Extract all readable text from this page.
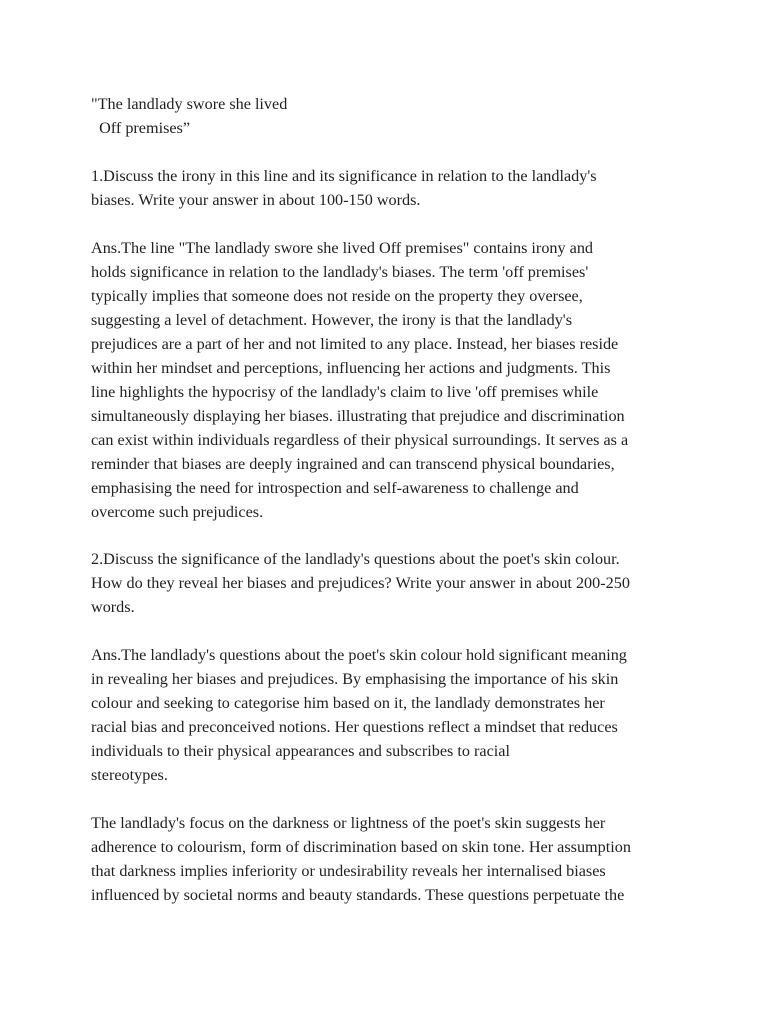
"The landlady swore she lived
Off premises”
1.Discuss the irony in this line and its significance in relation to the landlady's
biases. Write your answer in about 100-150 words.
Ans.The line "The landlady swore she lived Off premises" contains irony and
holds significance in relation to the landlady's biases. The term 'off premises'
typically implies that someone does not reside on the property they oversee,
suggesting a level of detachment. However, the irony is that the landlady's
prejudices are a part of her and not limited to any place. Instead, her biases reside
within her mindset and perceptions, influencing her actions and judgments. This
line highlights the hypocrisy of the landlady's claim to live 'off premises while
simultaneously displaying her biases. illustrating that prejudice and discrimination
can exist within individuals regardless of their physical surroundings. It serves as a
reminder that biases are deeply ingrained and can transcend physical boundaries,
emphasising the need for introspection and self-awareness to challenge and
overcome such prejudices.
2.Discuss the significance of the landlady's questions about the poet's skin colour.
How do they reveal her biases and prejudices? Write your answer in about 200-250
words.
Ans.The landlady's questions about the poet's skin colour hold significant meaning
in revealing her biases and prejudices. By emphasising the importance of his skin
colour and seeking to categorise him based on it, the landlady demonstrates her
racial bias and preconceived notions. Her questions reflect a mindset that reduces
individuals to their physical appearances and subscribes to racial
stereotypes.
The landlady's focus on the darkness or lightness of the poet's skin suggests her
adherence to colourism, form of discrimination based on skin tone. Her assumption
that darkness implies inferiority or undesirability reveals her internalised biases
influenced by societal norms and beauty standards. These questions perpetuate the
